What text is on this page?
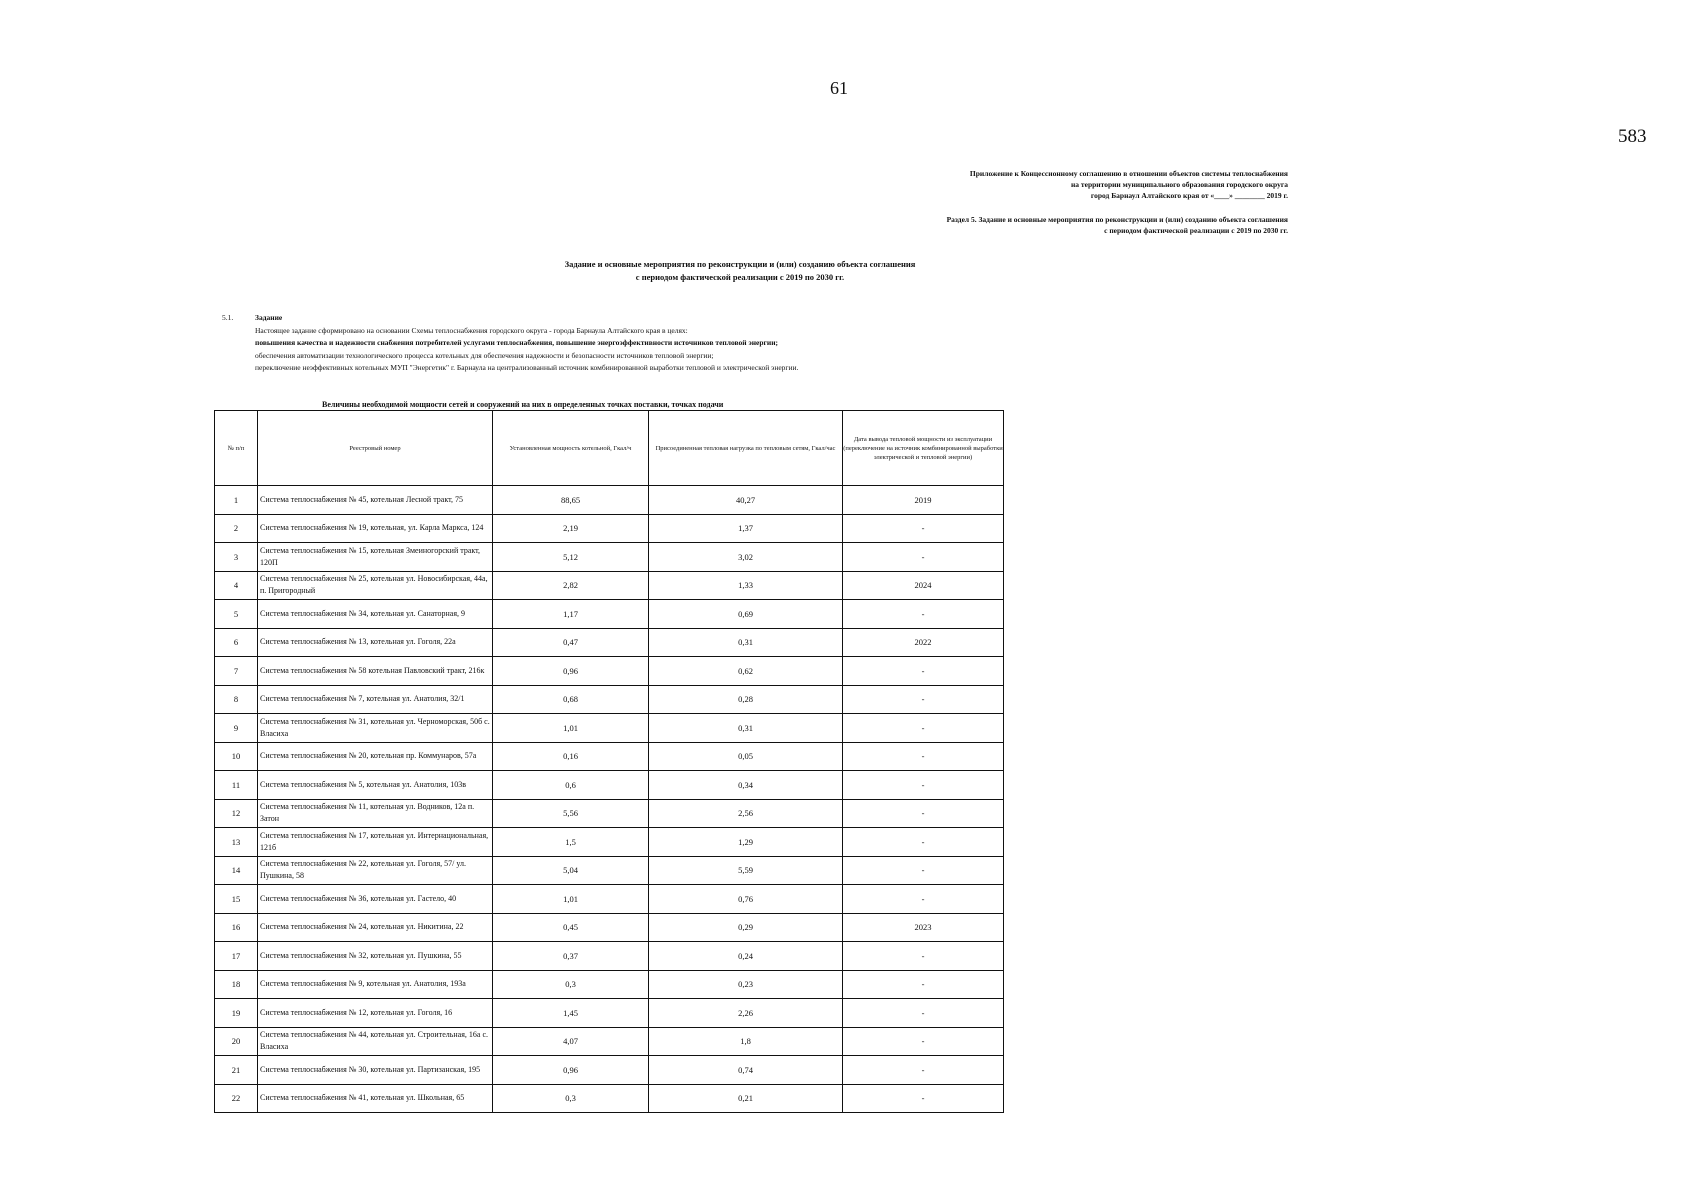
61
583
Приложение к Концессионному соглашению в отношении объектов системы теплоснабжения
на территории муниципального образования городского округа
город Барнаул Алтайского края от «____» ________ 2019 г.
Раздел 5. Задание и основные мероприятия по реконструкции и (или) созданию объекта соглашения
с периодом фактической реализации с 2019 по 2030 гг.
Задание и основные мероприятия по реконструкции и (или) созданию объекта соглашения
с периодом фактической реализации с 2019 по 2030 гг.
5.1.	Задание
Настоящее задание сформировано на основании Схемы теплоснабжения городского округа - города Барнаула Алтайского края в целях:
повышения качества и надежности снабжения потребителей услугами теплоснабжения, повышение энергоэффективности источников тепловой энергии;
обеспечения автоматизации технологического процесса котельных для обеспечения надежности и безопасности источников тепловой энергии;
переключение неэффективных котельных МУП "Энергетик" г. Барнаула на централизованный источник комбинированной выработки тепловой и электрической энергии.
Величины необходимой мощности сетей и сооружений на них в определенных точках поставки, точках подачи
№ п/п	Реестровый номер	Установленная мощность котельной, Гкал/ч	Присоединенная тепловая нагрузка по тепловым сетям, Гкал/час	Дата вывода тепловой мощности из эксплуатации (переключение на источник комбинированной выработки электрической и тепловой энергии)
1	Система теплоснабжения № 45, котельная Лесной тракт, 75	88,65	40,27	2019
2	Система теплоснабжения № 19, котельная, ул. Карла Маркса, 124	2,19	1,37	-
3	Система теплоснабжения № 15, котельная Змеиногорский тракт, 120П	5,12	3,02	-
4	Система теплоснабжения № 25, котельная ул. Новосибирская, 44а, п. Пригородный	2,82	1,33	2024
5	Система теплоснабжения № 34, котельная ул. Санаторная, 9	1,17	0,69	-
6	Система теплоснабжения № 13, котельная ул. Гоголя, 22а	0,47	0,31	2022
7	Система теплоснабжения № 58 котельная Павловский тракт, 216к	0,96	0,62	-
8	Система теплоснабжения № 7, котельная ул. Анатолия, 32/1	0,68	0,28	-
9	Система теплоснабжения № 31, котельная ул. Черноморская, 50б с. Власиха	1,01	0,31	-
10	Система теплоснабжения № 20, котельная пр. Коммунаров, 57а	0,16	0,05	-
11	Система теплоснабжения № 5, котельная ул. Анатолия, 103в	0,6	0,34	-
12	Система теплоснабжения № 11, котельная ул. Водников, 12а п. Затон	5,56	2,56	-
13	Система теплоснабжения № 17, котельная ул. Интернациональная, 121б	1,5	1,29	-
14	Система теплоснабжения № 22, котельная ул. Гоголя, 57/ ул. Пушкина, 58	5,04	5,59	-
15	Система теплоснабжения № 36, котельная ул. Гастело, 40	1,01	0,76	-
16	Система теплоснабжения № 24, котельная ул. Никитина, 22	0,45	0,29	2023
17	Система теплоснабжения № 32, котельная ул. Пушкина, 55	0,37	0,24	-
18	Система теплоснабжения № 9, котельная ул. Анатолия, 193а	0,3	0,23	-
19	Система теплоснабжения № 12, котельная ул. Гоголя, 16	1,45	2,26	-
20	Система теплоснабжения № 44, котельная ул. Строительная, 16а с. Власиха	4,07	1,8	-
21	Система теплоснабжения № 30, котельная ул. Партизанская, 195	0,96	0,74	-
22	Система теплоснабжения № 41, котельная ул. Школьная, 65	0,3	0,21	-
